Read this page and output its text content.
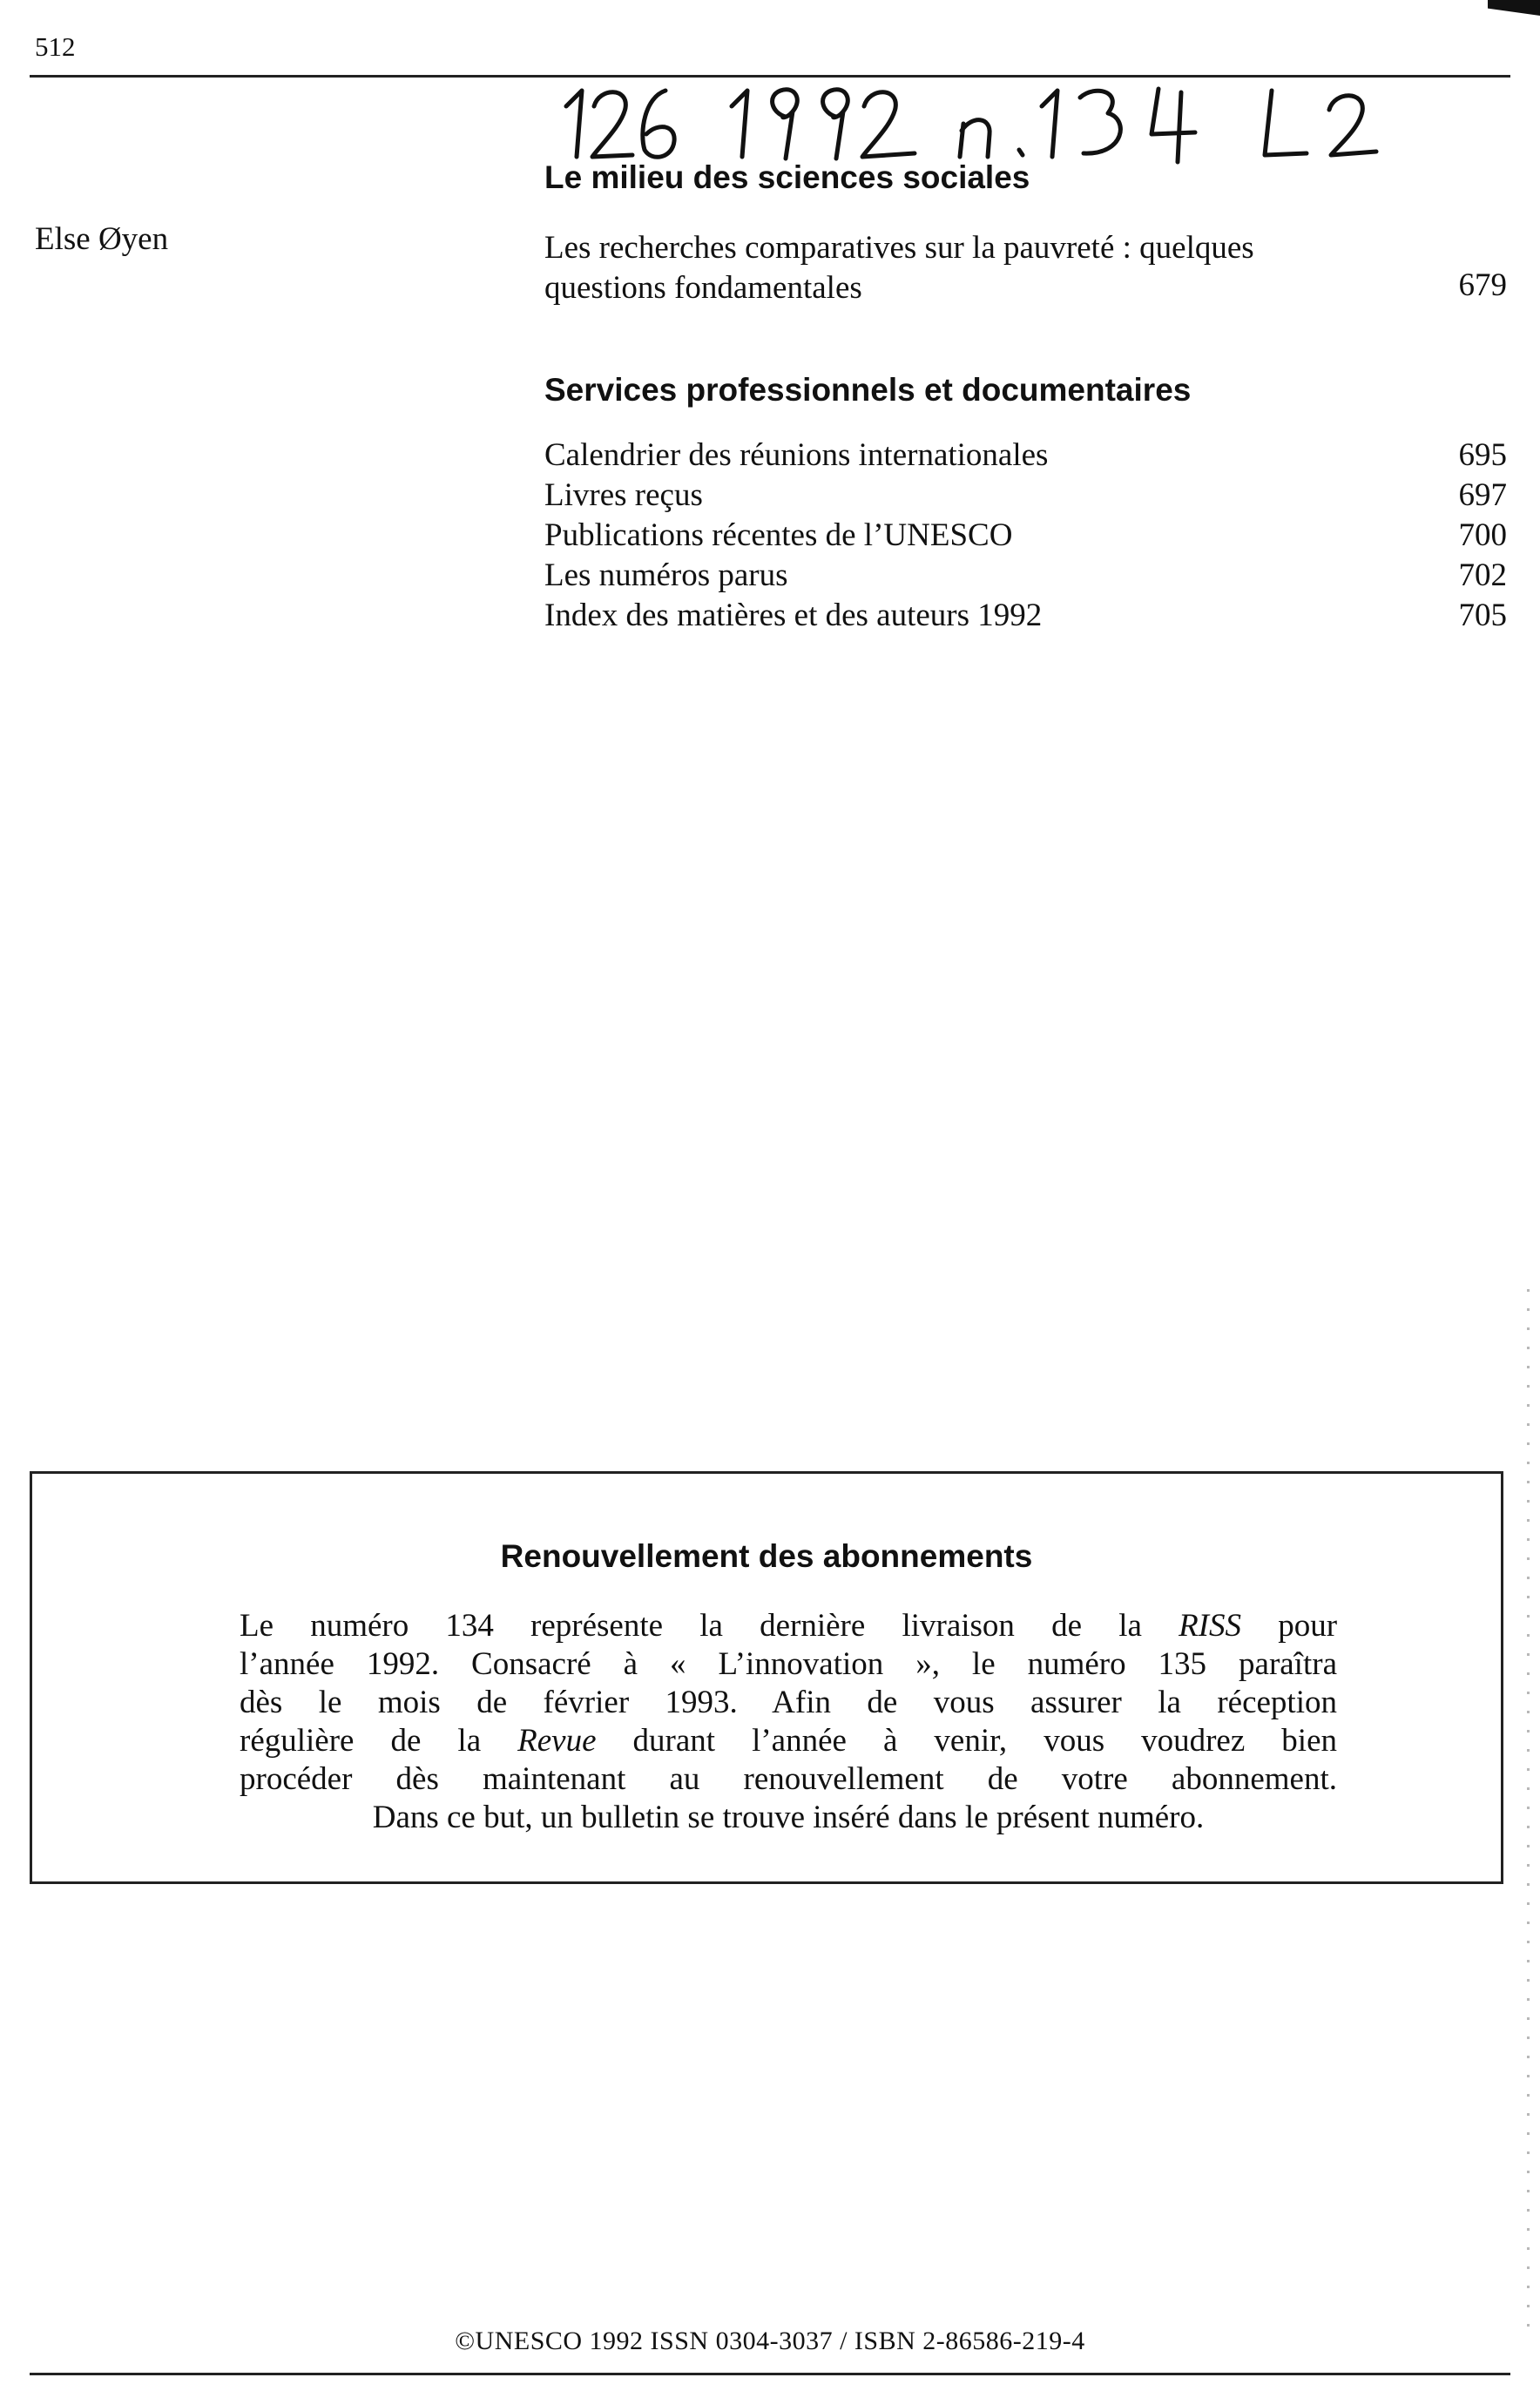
512
Le milieu des sciences sociales
Else Øyen	Les recherches comparatives sur la pauvreté : quelques
questions fondamentales	679
Services professionnels et documentaires
Calendrier des réunions internationales	695
Livres reçus	697
Publications récentes de l’UNESCO	700
Les numéros parus	702
Index des matières et des auteurs 1992	705
Renouvellement des abonnements
Le numéro 134 représente la dernière livraison de la RISS pour
l’année 1992. Consacré à « L’innovation », le numéro 135 paraîtra
dès le mois de février 1993. Afin de vous assurer la réception
régulière de la Revue durant l’année à venir, vous voudrez bien
procéder dès maintenant au renouvellement de votre abonnement.
Dans ce but, un bulletin se trouve inséré dans le présent numéro.
©UNESCO 1992 ISSN 0304-3037 / ISBN 2-86586-219-4
